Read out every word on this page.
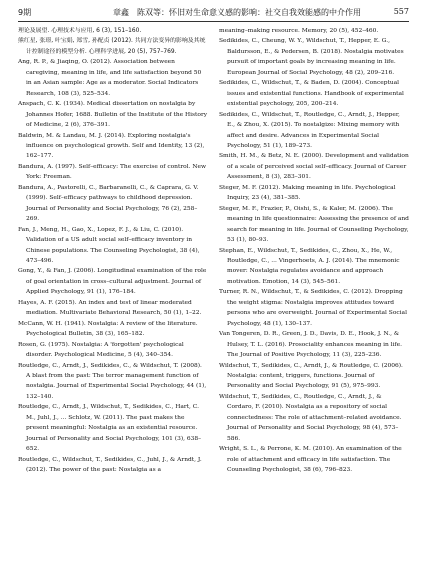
9期	章鑫　陈双等：怀旧对生命意义感的影响：社交自我效能感的中介作用	557

理论及展望. 心理技术与应用, 6 (3), 151–160.

熊红星, 张璟, 叶宝娟, 郑雪, 孙配贞 (2012). 共同方法变异的影响及其统计控制途径的模型分析. 心理科学进展, 20 (5), 757–769.

Ang, R. P., & Jiaqing, O. (2012). Association between caregiving, meaning in life, and life satisfaction beyond 50 in an Asian sample: Age as a moderator. Social Indicators Research, 108 (3), 525–534.

Anspach, C. K. (1934). Medical dissertation on nostalgia by Johannes Hofer, 1688. Bulletin of the Institute of the History of Medicine, 2 (6), 376–391.

Baldwin, M. & Landau, M. J. (2014). Exploring nostalgia's influence on psychological growth. Self and Identity, 13 (2), 162–177.

Bandura, A. (1997). Self–efficacy: The exercise of control. New York: Freeman.

Bandura, A., Pastorelli, C., Barbaranelli, C., & Caprara, G. V. (1999). Self–efficacy pathways to childhood depression. Journal of Personality and Social Psychology, 76 (2), 258–269.

Fan, J., Meng, H., Gao, X., Lopez, F. J., & Liu, C. (2010). Validation of a US adult social self–efficacy inventory in Chinese populations. The Counseling Psychologist, 38 (4), 473–496.

Gong, Y., & Fan, J. (2006). Longitudinal examination of the role of goal orientation in cross–cultural adjustment. Journal of Applied Psychology, 91 (1), 176–184.

Hayes, A. F. (2015). An index and test of linear moderated mediation. Multivariate Behavioral Research, 50 (1), 1–22.

McCann, W. H. (1941). Nostalgia: A review of the literature. Psychological Bulletin, 38 (3), 165–182.

Rosen, G. (1975). Nostalgia: A 'forgotten' psychological disorder. Psychological Medicine, 5 (4), 340–354.

Routledge, C., Arndt, J., Sedikides, C., & Wildschut, T. (2008). A blast from the past: The terror management function of nostalgia. Journal of Experimental Social Psychology, 44 (1), 132–140.

Routledge, C., Arndt, J., Wildschut, T., Sedikides, C., Hart, C. M., Juhl, J., ... Schlotz, W. (2011). The past makes the present meaningful: Nostalgia as an existential resource. Journal of Personality and Social Psychology, 101 (3), 638–652.

Routledge, C., Wildschut, T., Sedikides, C., Juhl, J., & Arndt, J. (2012). The power of the past: Nostalgia as a

meaning–making resource. Memory, 20 (5), 452–460.

Sedikides, C., Cheung, W. Y., Wildschut, T., Hepper, E. G., Baldursson, E., & Pedersen, B. (2018). Nostalgia motivates pursuit of important goals by increasing meaning in life. European Journal of Social Psychology, 48 (2), 209–216.

Sedikides, C., Wildschut, T., & Baden, D. (2004). Conceptual issues and existential functions. Handbook of experimental existential psychology, 205, 200–214.

Sedikides, C., Wildschut, T., Routledge, C., Arndt, J., Hepper, E., & Zhou, X. (2015). To nostalgize: Mixing memory with affect and desire. Advances in Experimental Social Psychology, 51 (1), 189–273.

Smith, H. M., & Betz, N. E. (2000). Development and validation of a scale of perceived social self–efficacy. Journal of Career Assessment, 8 (3), 283–301.

Steger, M. F. (2012). Making meaning in life. Psychological Inquiry, 23 (4), 381–385.

Steger, M. F., Frazier, P., Oishi, S., & Kaler, M. (2006). The meaning in life questionnaire: Assessing the presence of and search for meaning in life. Journal of Counseling Psychology, 53 (1), 80–93.

Stephan, E., Wildschut, T., Sedikides, C., Zhou, X., He, W., Routledge, C., ... Vingerhoets, A. J. (2014). The mnemonic mover: Nostalgia regulates avoidance and approach motivation. Emotion, 14 (3), 545–561.

Turner, R. N., Wildschut, T., & Sedikides, C. (2012). Dropping the weight stigma: Nostalgia improves attitudes toward persons who are overweight. Journal of Experimental Social Psychology, 48 (1), 130–137.

Van Tongeren, D. R., Green, J. D., Davis, D. E., Hook, J. N., & Hulsey, T. L. (2016). Prosociality enhances meaning in life. The Journal of Positive Psychology, 11 (3), 225–236.

Wildschut, T., Sedikides, C., Arndt, J., & Routledge, C. (2006). Nostalgia: content, triggers, functions. Journal of Personality and Social Psychology, 91 (5), 975–993.

Wildschut, T., Sedikides, C., Routledge, C., Arndt, J., & Cordaro, F. (2010). Nostalgia as a repository of social connectedness: The role of attachment–related avoidance. Journal of Personality and Social Psychology, 98 (4), 573–586.

Wright, S. L., & Perrone, K. M. (2010). An examination of the role of attachment and efficacy in life satisfaction. The Counseling Psychologist, 38 (6), 796–823.
